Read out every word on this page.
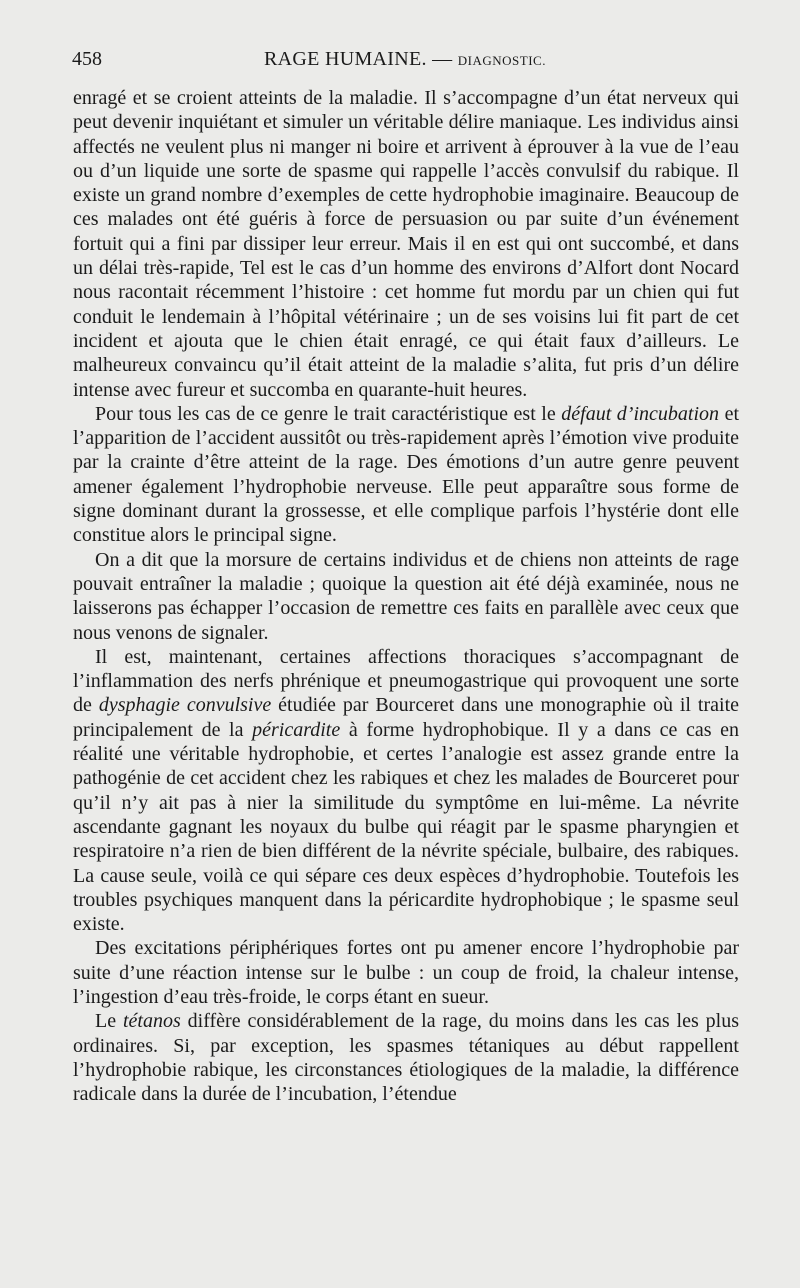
458	RAGE HUMAINE. — DIAGNOSTIC.

enragé et se croient atteints de la maladie. Il s’accompagne d’un état nerveux qui peut devenir inquiétant et simuler un véritable délire maniaque. Les individus ainsi affectés ne veulent plus ni manger ni boire et arrivent à éprouver à la vue de l’eau ou d’un liquide une sorte de spasme qui rappelle l’accès convulsif du rabique. Il existe un grand nombre d’exemples de cette hydrophobie imaginaire. Beaucoup de ces malades ont été guéris à force de persuasion ou par suite d’un événement fortuit qui a fini par dissiper leur erreur. Mais il en est qui ont succombé, et dans un délai très-rapide, Tel est le cas d’un homme des environs d’Alfort dont Nocard nous racontait récemment l’histoire : cet homme fut mordu par un chien qui fut conduit le lendemain à l’hôpital vétérinaire ; un de ses voisins lui fit part de cet incident et ajouta que le chien était enragé, ce qui était faux d’ailleurs. Le malheureux convaincu qu’il était atteint de la maladie s’alita, fut pris d’un délire intense avec fureur et succomba en quarante-huit heures.

Pour tous les cas de ce genre le trait caractéristique est le défaut d’incubation et l’apparition de l’accident aussitôt ou très-rapidement après l’émotion vive produite par la crainte d’être atteint de la rage. Des émotions d’un autre genre peuvent amener également l’hydrophobie nerveuse. Elle peut apparaître sous forme de signe dominant durant la grossesse, et elle complique parfois l’hystérie dont elle constitue alors le principal signe.

On a dit que la morsure de certains individus et de chiens non atteints de rage pouvait entraîner la maladie ; quoique la question ait été déjà examinée, nous ne laisserons pas échapper l’occasion de remettre ces faits en parallèle avec ceux que nous venons de signaler.

Il est, maintenant, certaines affections thoraciques s’accompagnant de l’inflammation des nerfs phrénique et pneumogastrique qui provoquent une sorte de dysphagie convulsive étudiée par Bourceret dans une monographie où il traite principalement de la péricardite à forme hydrophobique. Il y a dans ce cas en réalité une véritable hydrophobie, et certes l’analogie est assez grande entre la pathogénie de cet accident chez les rabiques et chez les malades de Bourceret pour qu’il n’y ait pas à nier la similitude du symptôme en lui-même. La névrite ascendante gagnant les noyaux du bulbe qui réagit par le spasme pharyngien et respiratoire n’a rien de bien différent de la névrite spéciale, bulbaire, des rabiques. La cause seule, voilà ce qui sépare ces deux espèces d’hydrophobie. Toutefois les troubles psychiques manquent dans la péricardite hydrophobique ; le spasme seul existe.

Des excitations périphériques fortes ont pu amener encore l’hydrophobie par suite d’une réaction intense sur le bulbe : un coup de froid, la chaleur intense, l’ingestion d’eau très-froide, le corps étant en sueur.

Le tétanos diffère considérablement de la rage, du moins dans les cas les plus ordinaires. Si, par exception, les spasmes tétaniques au début rappellent l’hydrophobie rabique, les circonstances étiologiques de la maladie, la différence radicale dans la durée de l’incubation, l’étendue
